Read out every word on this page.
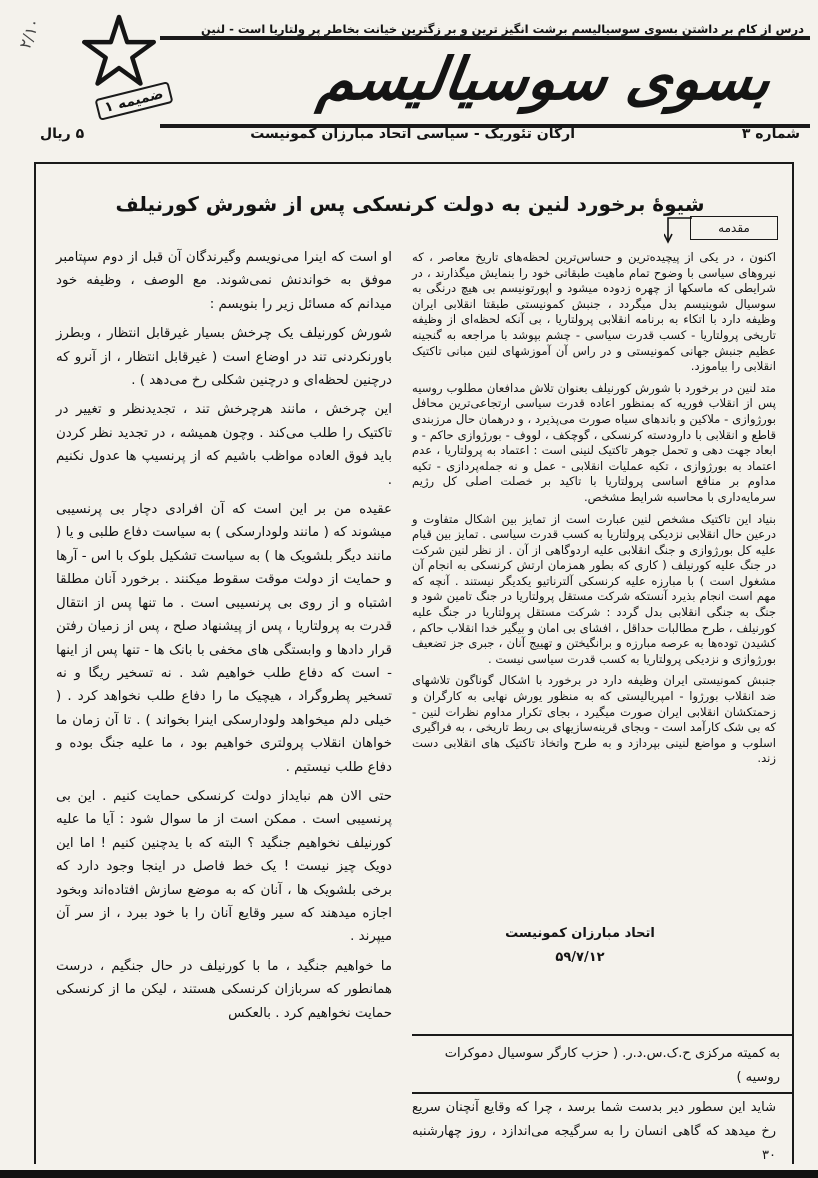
درس از کام بر داشتن بسوی سوسیالیسم برشت انگیز ترین و بر زگترین خیانت بخاطر پر ولتاریا است - لنین
۲/۱۰
بسوی سوسیالیسم
ضمیمه ۱
شماره ۳
ارگان تئوریک - سیاسی اتحاد مبارزان کمونیست
۵ ریال
شیوهٔ برخورد لنین به دولت کرنسکی پس از شورش کورنیلف
مقدمه

اکنون ، در یکی از پیچیده‌ترین و حساس‌ترین لحظه‌های تاریخ معاصر ، که نیروهای سیاسی با وضوح تمام ماهیت طبقاتی خود را بنمایش میگذارند ، در شرایطی که ماسکها از چهره زدوده میشود و اپورتونیسم بی هیچ درنگی به سوسیال شوینیسم بدل میگردد ، جنبش کمونیستی طبقتا انقلابی ایران وظیفه دارد با اتکاء به برنامه انقلابی پرولتاریا ، بی آنکه لحظه‌ای از وظیفه تاریخی پرولتاریا - کسب قدرت سیاسی - چشم بپوشد با مراجعه به گنجینه عظیم جنبش جهانی کمونیستی و در راس آن آموزشهای لنین مبانی تاکتیک انقلابی را بیاموزد.

متد لنین در برخورد با شورش کورنیلف بعنوان تلاش مدافعان مطلوب روسیه پس از انقلاب فوریه که بمنظور اعاده قدرت سیاسی ارتجاعی‌ترین محافل بورژوازی - ملاکین و باندهای سیاه صورت می‌پذیرد ، و درهمان حال مرزبندی قاطع و انقلابی با دارودسته کرنسکی ، گوچکف ، لووف - بورژوازی حاکم - و ابعاد جهت‌ دهی و تحمل جوهر تاکتیک لنینی است : اعتماد به پرولتاریا ، عدم اعتماد به بورژوازی ، تکیه عملیات انقلابی - عمل و نه جمله‌پردازی - تکیه مداوم بر منافع اساسی پرولتاریا با تاکید بر خصلت اصلی کل رژیم سرمایه‌داری با محاسبه شرایط مشخص.

بنیاد این تاکتیک مشخص لنین عبارت است از تمایز بین اشکال متفاوت و درعین حال انقلابی نزدیکی پرولتاریا به کسب قدرت سیاسی . تمایز بین قیام علیه کل بورژوازی و جنگ انقلابی علیه اردوگاهی از آن . از نظر لنین شرکت در جنگ علیه کورنیلف ( کاری که بطور همزمان ارتش کرنسکی به انجام آن مشغول است ) با مبارزه علیه کرنسکی آلترناتیو یکدیگر نیستند . آنچه که مهم است انجام بذیرد آنستکه شرکت مستقل پرولتاریا در جنگ تامین شود و جنگ به جنگی انقلابی بدل گردد : شرکت مستقل پرولتاریا در جنگ علیه کورنیلف ، طرح مطالبات حداقل ، افشای بی امان و بیگیر خدا انقلاب حاکم ، کشیدن توده‌ها به عرصه مبارزه و برانگیختن و تهییج آنان ، جبری جز تضعیف بورژوازی و نزدیکی پرولتاریا به کسب قدرت سیاسی نیست .

جنبش کمونیستی ایران وظیفه دارد در برخورد با اشکال گوناگون تلاشهای ضد انقلاب بورژوا - امپریالیستی که به منظور یورش نهایی به کارگران و زحمتکشان انقلابی ایران صورت میگیرد ، بجای تکرار مداوم نظرات لنین - که بی شک کارآمد است - وبجای قرینه‌سازیهای بی ربط تاریخی ، به فراگیری اسلوب و مواضع لنینی بپردازد و به طرح واتخاذ تاکتیک های انقلابی دست زند.

اتحاد مبارزان کمونیست
۵۹/۷/۱۲

او است که اینرا می‌نویسم وگیرندگان آن قبل از دوم سپتامبر موفق به خواندنش نمی‌شوند. مع الوصف ، وظیفه خود میدانم که مسائل زیر را بنویسم :

شورش کورنیلف یک چرخش بسیار غیرقابل انتظار ، وبطرز باورنکردنی تند در اوضاع است ( غیرقابل انتظار ، از آنرو که درچنین لحظه‌ای و درچنین شکلی رخ می‌دهد ) .

این چرخش ، مانند هرچرخش تند ، تجدیدنظر و تغییر در تاکتیک را طلب می‌کند . وچون همیشه ، در تجدید نظر کردن باید فوق العاده مواظب باشیم که از پرنسیپ ها عدول نکنیم .

عقیده من بر این است که آن افرادی دچار بی پرنسیبی میشوند که ( مانند ولودارسکی ) به سیاست دفاع طلبی و یا ( مانند دیگر بلشویک ها ) به سیاست تشکیل بلوک با اس - آرها و حمایت از دولت موقت سقوط میکنند . برخورد آنان مطلقا اشتباه و از روی بی پرنسیبی است . ما تنها پس از انتقال قدرت به پرولتاریا ، پس از پیشنهاد صلح ، پس از زمیان رفتن قرار دادها و وابستگی های مخفی با بانک ها - تنها پس از اینها - است که دفاع طلب خواهیم شد . نه تسخیر ریگا و نه تسخیر پطروگراد ، هیچیک ما را دفاع طلب نخواهد کرد . ( خیلی دلم میخواهد ولودارسکی اینرا بخواند ) . تا آن زمان ما خواهان انقلاب پرولتری خواهیم بود ، ما علیه جنگ بوده و دفاع طلب نیستیم .

حتی الان هم نبایداز دولت کرنسکی حمایت کنیم . این بی پرنسیبی است . ممکن است از ما سوال شود : آیا ما علیه کورنیلف نخواهیم جنگید ؟ البته که با یدچنین کنیم ! اما این دویک چیز نیست ! یک خط فاصل در اینجا وجود دارد که برخی بلشویک ها ، آنان که به موضع سازش افتاده‌اند وبخود اجازه میدهند که سیر وقایع آنان را با خود ببرد ، از سر آن میپرند .

ما خواهیم جنگید ، ما با کورنیلف در حال جنگیم ، درست همانطور که سربازان کرنسکی هستند ، لیکن ما از کرنسکی حمایت نخواهیم کرد . بالعکس

به کمیته مرکزی ح.ک.س.د.ر. ( حزب کارگر سوسیال دموکرات روسیه )
شاید این سطور دیر بدست شما برسد ، چرا که وقایع آنچنان سریع رخ میدهد که گاهی انسان را به سرگیجه می‌اندازد ، روز چهارشنبه ۳۰
